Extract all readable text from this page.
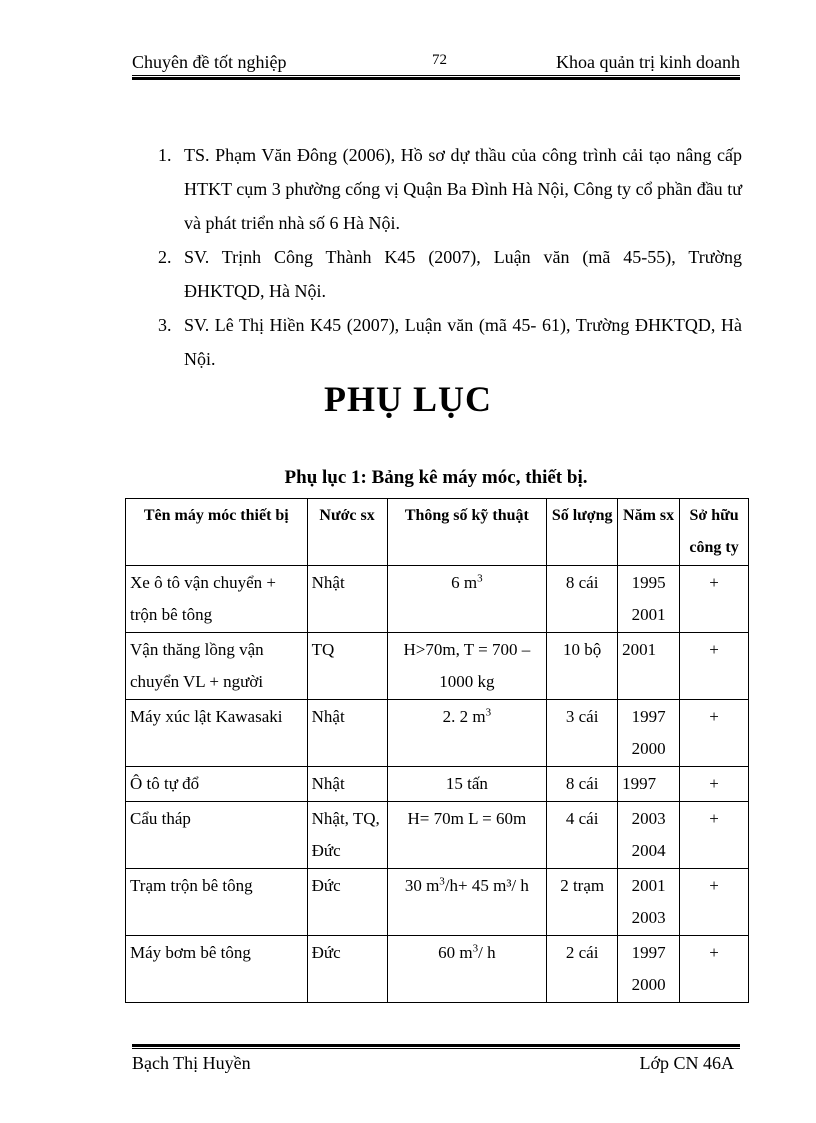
Chuyên đề tốt nghiệp	72	Khoa quản trị kinh doanh
1. TS. Phạm Văn Đông (2006), Hồ sơ dự thầu của công trình cải tạo nâng cấp HTKT cụm 3 phường cống vị Quận Ba Đình Hà Nội, Công ty cổ phần đầu tư và phát triển nhà số 6 Hà Nội.
2. SV. Trịnh Công Thành K45 (2007), Luận văn (mã 45-55), Trường ĐHKTQD, Hà Nội.
3. SV. Lê Thị Hiền K45 (2007), Luận văn (mã 45- 61), Trường ĐHKTQD, Hà Nội.
PHỤ LỤC
Phụ lục 1: Bảng kê máy móc, thiết bị.
Tên máy móc thiết bị	Nước sx	Thông số kỹ thuật	Số lượng	Năm sx	Sở hữu công ty
Xe ô tô vận chuyển + trộn bê tông	Nhật	6 $m^3$	8 cái	1995 2001	+
Vận thăng lồng vận chuyển VL + người	TQ	H>70m, T = 700 – 1000 kg	10 bộ	2001	+
Máy xúc lật Kawasaki	Nhật	2. 2 $m^3$	3 cái	1997 2000	+
Ô tô tự đổ	Nhật	15 tấn	8 cái	1997	+
Cẩu tháp	Nhật, TQ, Đức	H= 70m L = 60m	4 cái	2003 2004	+
Trạm trộn bê tông	Đức	30 $m^3/h+ 45$ m³/ h	2 trạm	2001 2003	+
Máy bơm bê tông	Đức	60 $m^3/$ h	2 cái	1997 2000	+
Bạch Thị Huyền	Lớp CN 46A
